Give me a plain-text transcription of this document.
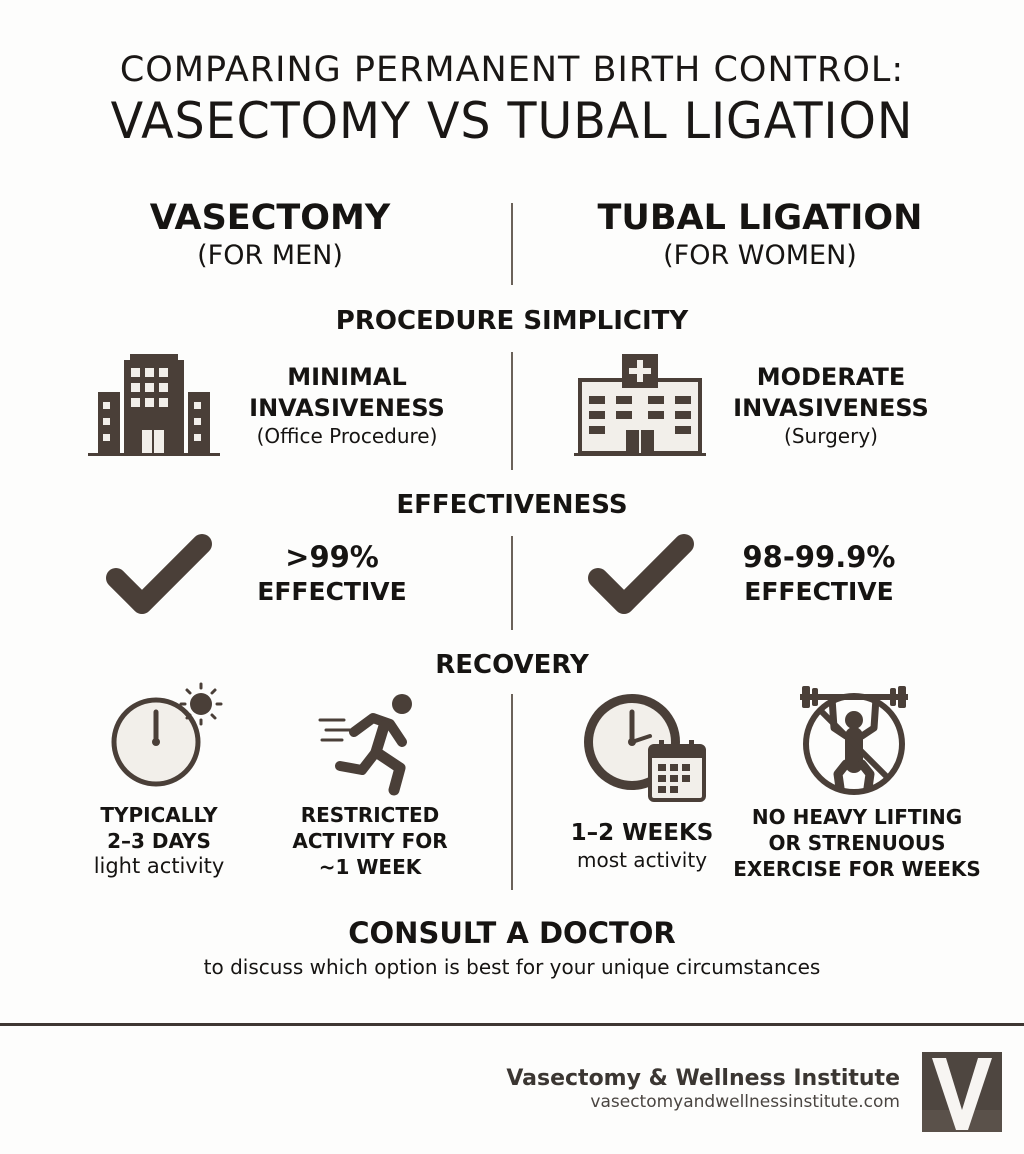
COMPARING PERMANENT BIRTH CONTROL:
VASECTOMY VS TUBAL LIGATION
VASECTOMY
(FOR MEN)
TUBAL LIGATION
(FOR WOMEN)
PROCEDURE SIMPLICITY
MINIMAL
INVASIVENESS
(Office Procedure)
MODERATE
INVASIVENESS
(Surgery)
EFFECTIVENESS
>99%
EFFECTIVE
98-99.9%
EFFECTIVE
RECOVERY
TYPICALLY
2–3 DAYS
light activity
RESTRICTED
ACTIVITY FOR
~1 WEEK
1–2 WEEKS
most activity
NO HEAVY LIFTING
OR STRENUOUS
EXERCISE FOR WEEKS
CONSULT A DOCTOR
to discuss which option is best for your unique circumstances
Vasectomy & Wellness Institute
vasectomyandwellnessinstitute.com
